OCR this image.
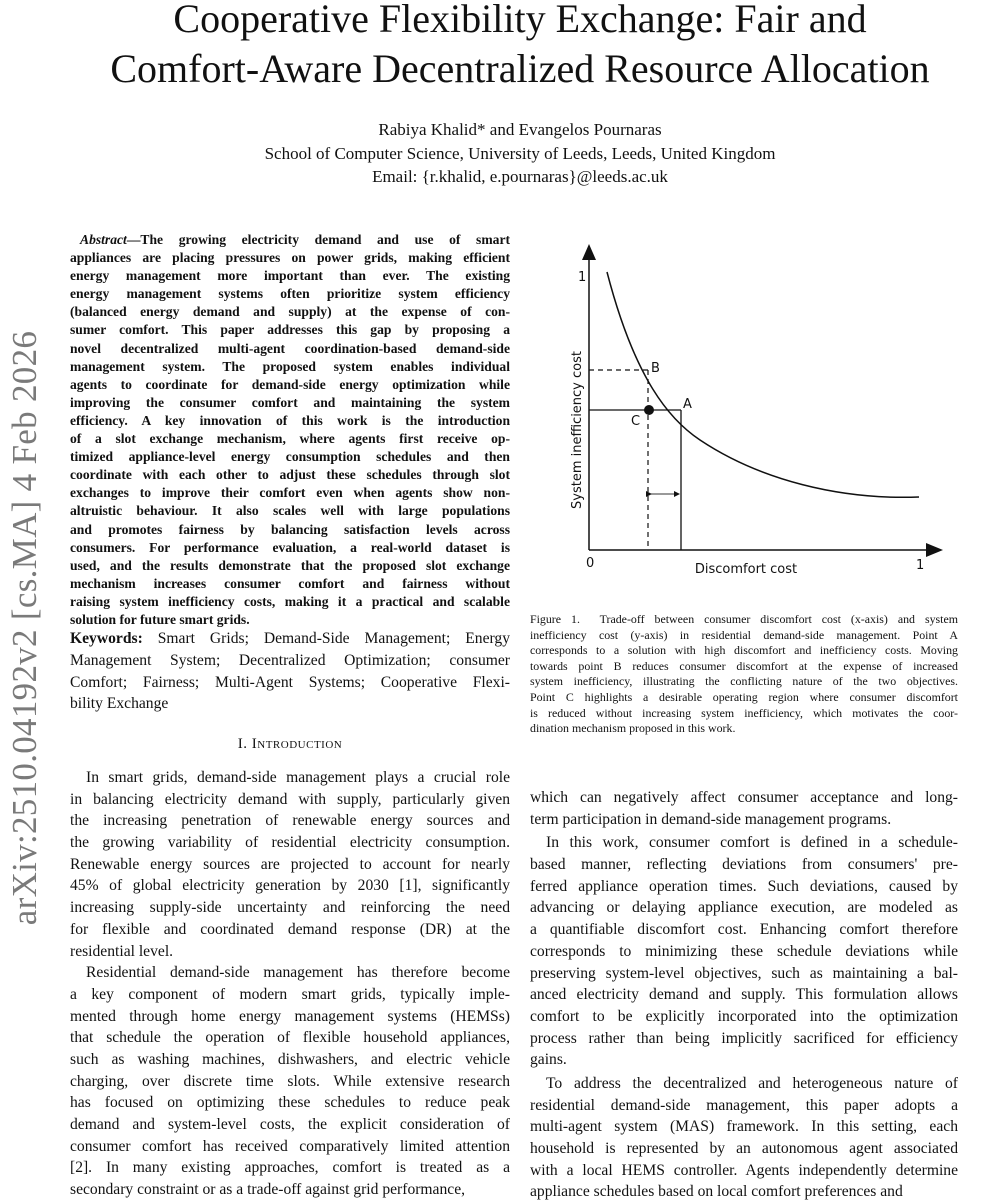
arXiv:2510.04192v2 [cs.MA] 4 Feb 2026
Cooperative Flexibility Exchange: Fair and
Comfort-Aware Decentralized Resource Allocation
Rabiya Khalid* and Evangelos Pournaras
School of Computer Science, University of Leeds, Leeds, United Kingdom
Email: {r.khalid, e.pournaras}@leeds.ac.uk
Abstract—The growing electricity demand and use of smart
appliances are placing pressures on power grids, making efficient
energy management more important than ever. The existing
energy management systems often prioritize system efficiency
(balanced energy demand and supply) at the expense of con-
sumer comfort. This paper addresses this gap by proposing a
novel decentralized multi-agent coordination-based demand-side
management system. The proposed system enables individual
agents to coordinate for demand-side energy optimization while
improving the consumer comfort and maintaining the system
efficiency. A key innovation of this work is the introduction
of a slot exchange mechanism, where agents first receive op-
timized appliance-level energy consumption schedules and then
coordinate with each other to adjust these schedules through slot
exchanges to improve their comfort even when agents show non-
altruistic behaviour. It also scales well with large populations
and promotes fairness by balancing satisfaction levels across
consumers. For performance evaluation, a real-world dataset is
used, and the results demonstrate that the proposed slot exchange
mechanism increases consumer comfort and fairness without
raising system inefficiency costs, making it a practical and scalable
solution for future smart grids.
Keywords: Smart Grids; Demand-Side Management; Energy
Management System; Decentralized Optimization; consumer
Comfort; Fairness; Multi-Agent Systems; Cooperative Flexi-
bility Exchange
I. Introduction
In smart grids, demand-side management plays a crucial role
in balancing electricity demand with supply, particularly given
the increasing penetration of renewable energy sources and
the growing variability of residential electricity consumption.
Renewable energy sources are projected to account for nearly
45% of global electricity generation by 2030 [1], significantly
increasing supply-side uncertainty and reinforcing the need
for flexible and coordinated demand response (DR) at the
residential level.
Residential demand-side management has therefore become
a key component of modern smart grids, typically imple-
mented through home energy management systems (HEMSs)
that schedule the operation of flexible household appliances,
such as washing machines, dishwashers, and electric vehicle
charging, over discrete time slots. While extensive research
has focused on optimizing these schedules to reduce peak
demand and system-level costs, the explicit consideration of
consumer comfort has received comparatively limited attention
[2]. In many existing approaches, comfort is treated as a
secondary constraint or as a trade-off against grid performance,
B
A
C
1
0	1
Discomfort cost
System inefficiency cost
Figure 1.  Trade-off between consumer discomfort cost (x-axis) and system
inefficiency cost (y-axis) in residential demand-side management. Point A
corresponds to a solution with high discomfort and inefficiency costs. Moving
towards point B reduces consumer discomfort at the expense of increased
system inefficiency, illustrating the conflicting nature of the two objectives.
Point C highlights a desirable operating region where consumer discomfort
is reduced without increasing system inefficiency, which motivates the coor-
dination mechanism proposed in this work.
which can negatively affect consumer acceptance and long-
term participation in demand-side management programs.
In this work, consumer comfort is defined in a schedule-
based manner, reflecting deviations from consumers' pre-
ferred appliance operation times. Such deviations, caused by
advancing or delaying appliance execution, are modeled as
a quantifiable discomfort cost. Enhancing comfort therefore
corresponds to minimizing these schedule deviations while
preserving system-level objectives, such as maintaining a bal-
anced electricity demand and supply. This formulation allows
comfort to be explicitly incorporated into the optimization
process rather than being implicitly sacrificed for efficiency
gains.
To address the decentralized and heterogeneous nature of
residential demand-side management, this paper adopts a
multi-agent system (MAS) framework. In this setting, each
household is represented by an autonomous agent associated
with a local HEMS controller. Agents independently determine
appliance schedules based on local comfort preferences and
